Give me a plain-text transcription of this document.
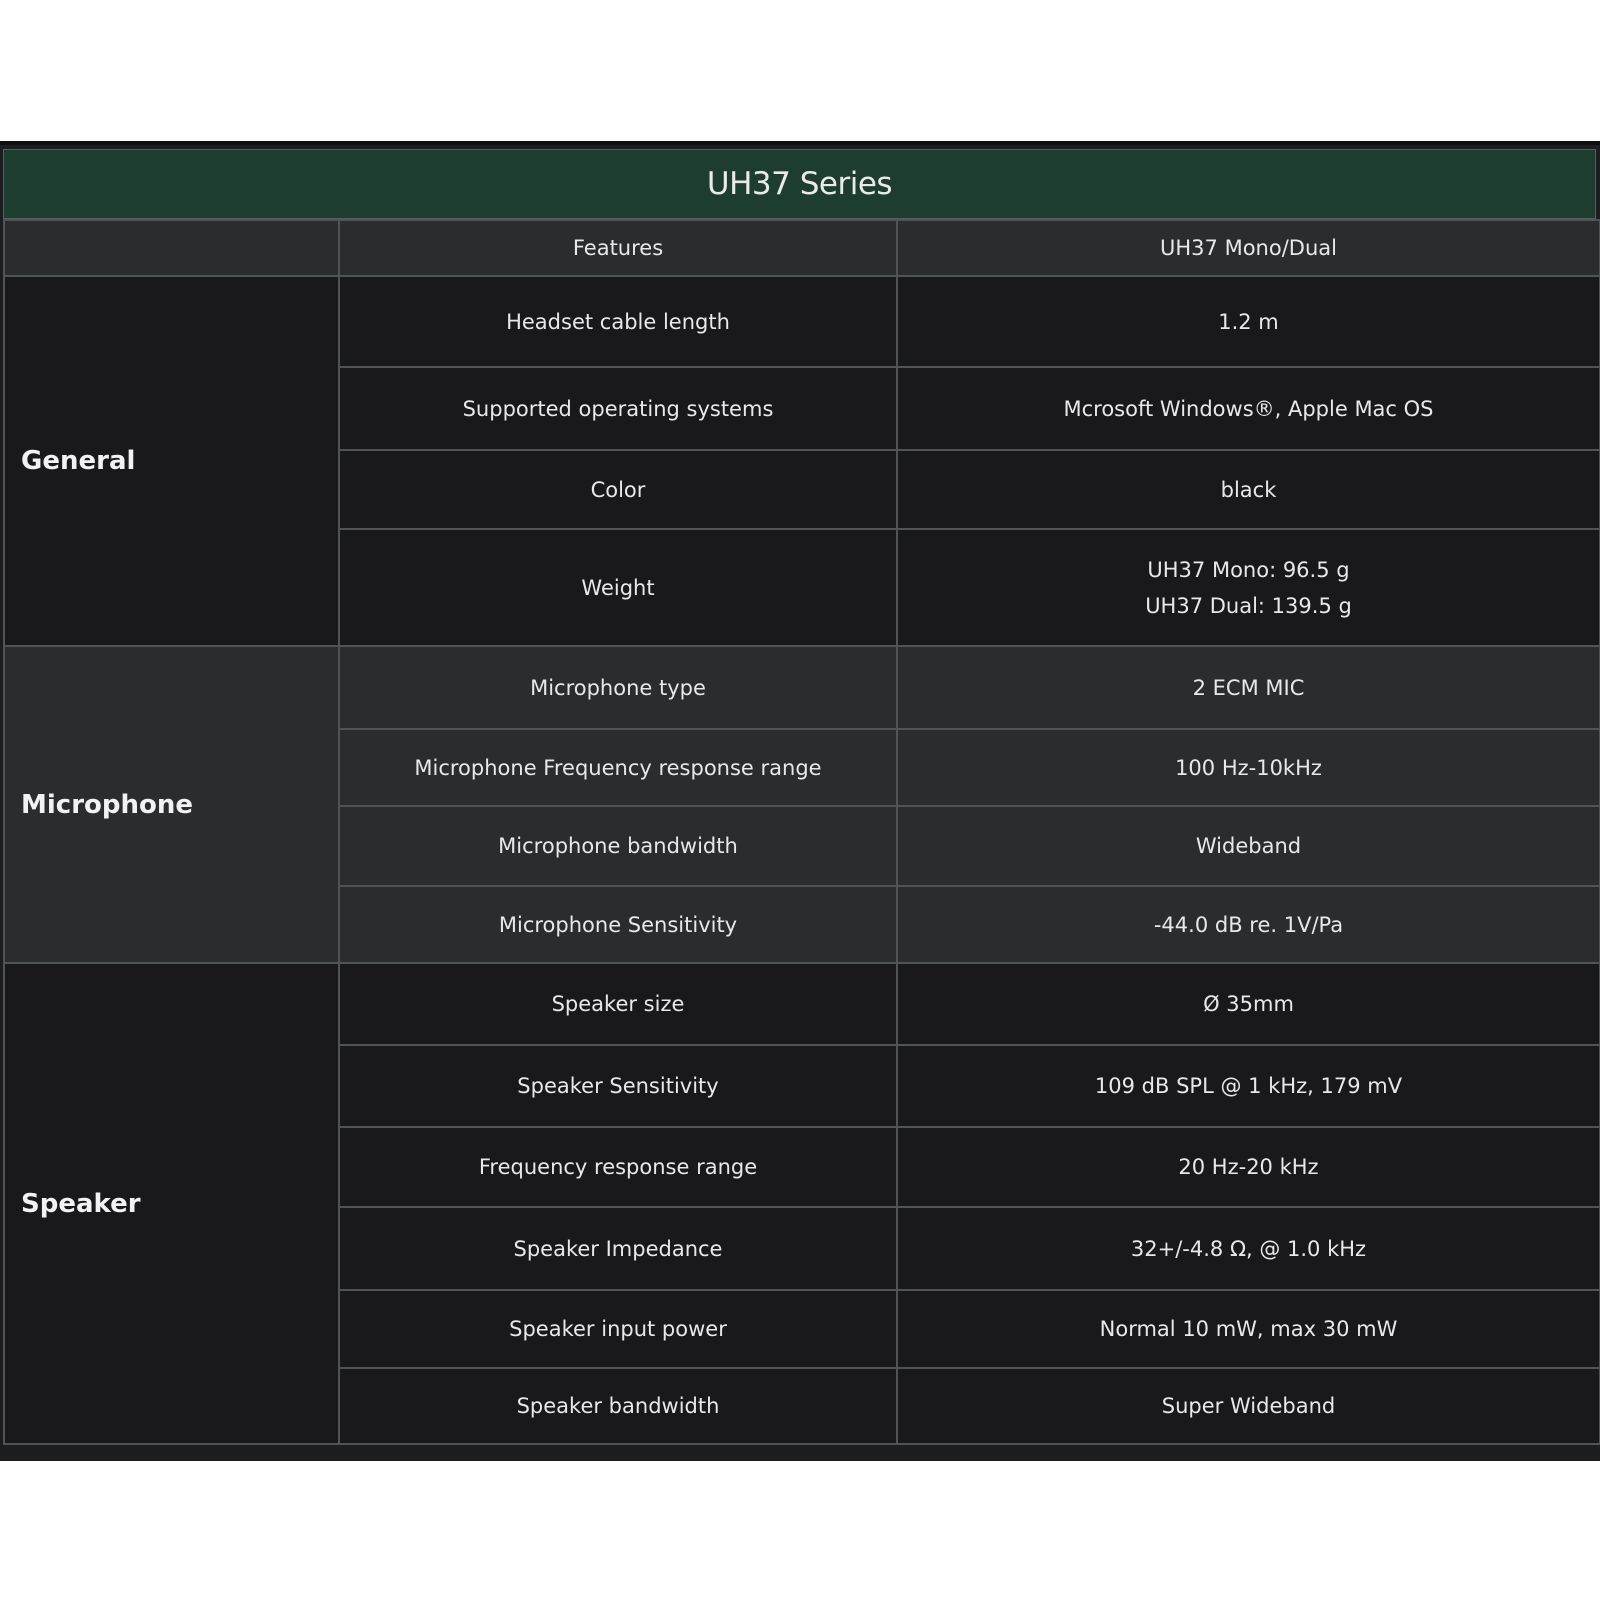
UH37 Series
	Features	UH37 Mono/Dual
General	Headset cable length	1.2 m
	Supported operating systems	Mcrosoft Windows®, Apple Mac OS
	Color	black
	Weight	UH37 Mono: 96.5 g
UH37 Dual: 139.5 g

Microphone	Microphone type	2 ECM MIC
	Microphone Frequency response range	100 Hz-10kHz
	Microphone bandwidth	Wideband
	Microphone Sensitivity	-44.0 dB re. 1V/Pa
Speaker	Speaker size	Ø 35mm
	Speaker Sensitivity	109 dB SPL @ 1 kHz, 179 mV
	Frequency response range	20 Hz-20 kHz
	Speaker Impedance	32+/-4.8 Ω, @ 1.0 kHz
	Speaker input power	Normal 10 mW, max 30 mW
	Speaker bandwidth	Super Wideband
